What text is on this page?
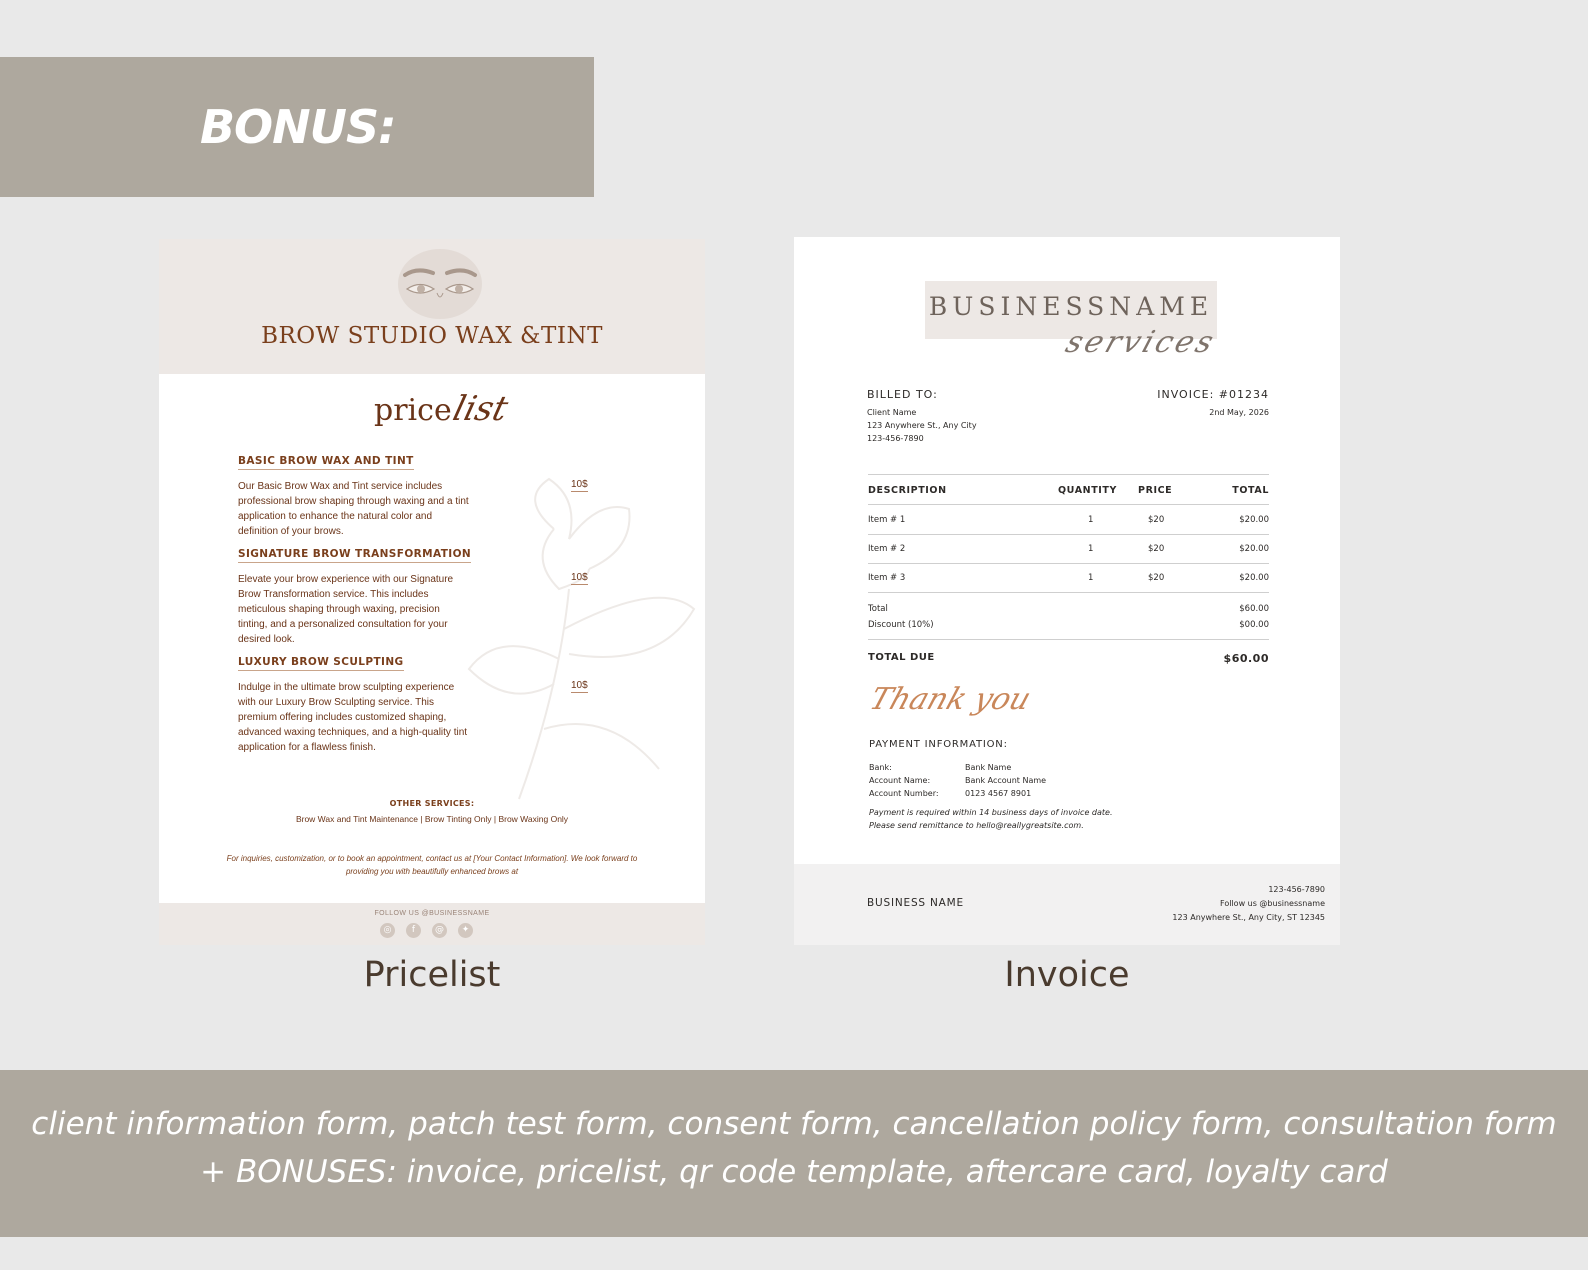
BONUS:
BROW STUDIO WAX &TINT
pricelist
BASIC BROW WAX AND TINT
Our Basic Brow Wax and Tint service includes professional brow shaping through waxing and a tint application to enhance the natural color and definition of your brows.
10$
SIGNATURE BROW TRANSFORMATION
Elevate your brow experience with our Signature Brow Transformation service. This includes meticulous shaping through waxing, precision tinting, and a personalized consultation for your desired look.
10$
LUXURY BROW SCULPTING
Indulge in the ultimate brow sculpting experience with our Luxury Brow Sculpting service. This premium offering includes customized shaping, advanced waxing techniques, and a high-quality tint application for a flawless finish.
10$
OTHER SERVICES:
Brow Wax and Tint Maintenance | Brow Tinting Only | Brow Waxing Only
For inquiries, customization, or to book an appointment, contact us at [Your Contact Information]. We look forward to providing you with beautifully enhanced brows at
FOLLOW US @BUSINESSNAME
◎	f	@	✦
Pricelist
BUSINESSNAME
services
BILLED TO:
Client Name
123 Anywhere St., Any City
123-456-7890
INVOICE: #01234
2nd May, 2026
DESCRIPTION	QUANTITY PRICE	TOTAL
Item # 1	1	$20	$20.00
Item # 2	1	$20	$20.00
Item # 3	1	$20	$20.00
Total	$60.00
Discount (10%)	$00.00
TOTAL DUE	$60.00
Thank you
PAYMENT INFORMATION:
Bank:	Bank Name
Account Name:	Bank Account Name
Account Number:	0123 4567 8901
Payment is required within 14 business days of invoice date.
Please send remittance to hello@reallygreatsite.com.
BUSINESS NAME
123-456-7890
Follow us @businessname
123 Anywhere St., Any City, ST 12345
Invoice
client information form, patch test form, consent form, cancellation policy form, consultation form
+ BONUSES: invoice, pricelist, qr code template, aftercare card, loyalty card
